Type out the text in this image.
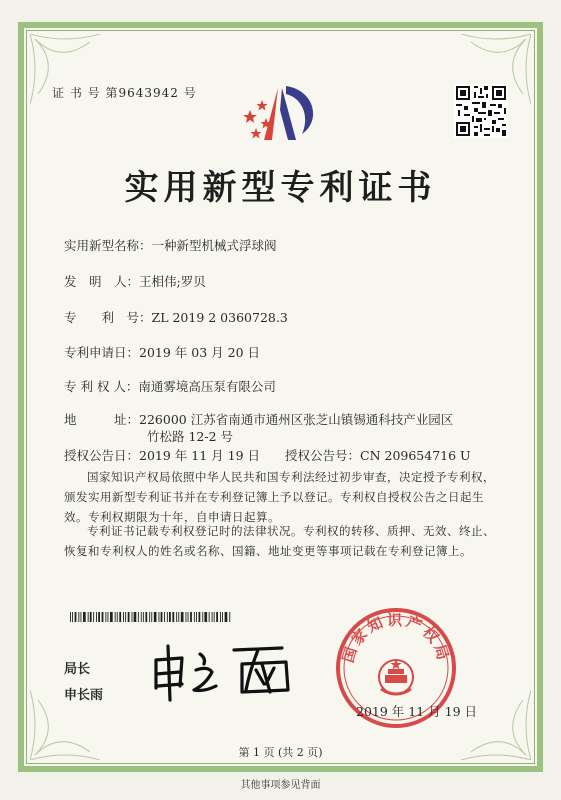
证 书 号 第9643942 号
实用新型专利证书
实用新型名称：一种新型机械式浮球阀
发　明　人：王相伟;罗贝
专　　利　号：ZL 2019 2 0360728.3
专利申请日：2019 年 03 月 20 日
专 利 权 人：南通雾境高压泵有限公司
地　　　址：226000 江苏省南通市通州区张芝山镇锡通科技产业园区
竹松路 12-2 号
授权公告日：2019 年 11 月 19 日 授权公告号：CN 209654716 U
国家知识产权局依照中华人民共和国专利法经过初步审查，决定授予专利权，颁发实用新型专利证书并在专利登记簿上予以登记。专利权自授权公告之日起生效。专利权期限为十年，自申请日起算。
专利证书记载专利权登记时的法律状况。专利权的转移、质押、无效、终止、恢复和专利权人的姓名或名称、国籍、地址变更等事项记载在专利登记簿上。
局长
申长雨
国家知识产权局
2019 年 11 月 19 日
第 1 页 (共 2 页)
其他事项参见背面
